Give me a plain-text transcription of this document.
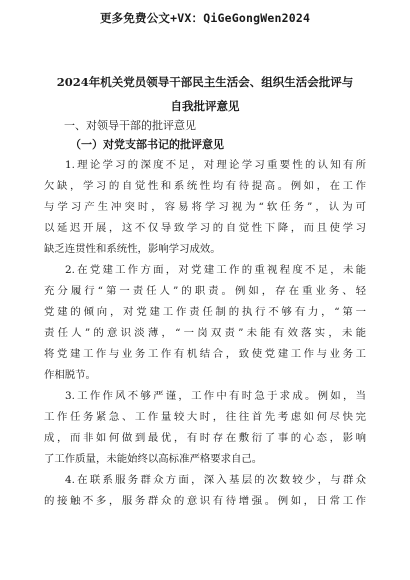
更多免费公文+VX：QiGeGongWen2024
2024年机关党员领导干部民主生活会、组织生活会批评与
自我批评意见
一、对领导干部的批评意见
（一）对党支部书记的批评意见

1.理论学习的深度不足，对理论学习重要性的认知有所
欠缺，学习的自觉性和系统性均有待提高。例如，在工作
与学习产生冲突时，容易将学习视为“软任务”，认为可
以延迟开展，这不仅导致学习的自觉性下降，而且使学习
缺乏连贯性和系统性，影响学习成效。

2.在党建工作方面，对党建工作的重视程度不足，未能
充分履行“第一责任人”的职责。例如，存在重业务、轻
党建的倾向，对党建工作责任制的执行不够有力，“第一
责任人”的意识淡薄，“一岗双责”未能有效落实，未能
将党建工作与业务工作有机结合，致使党建工作与业务工
作相脱节。

3.工作作风不够严谨，工作中有时急于求成。例如，当
工作任务紧急、工作量较大时，往往首先考虑如何尽快完
成，而非如何做到最优，有时存在敷衍了事的心态，影响
了工作质量，未能始终以高标准严格要求自己。

4.在联系服务群众方面，深入基层的次数较少，与群众
的接触不多，服务群众的意识有待增强。例如，日常工作
